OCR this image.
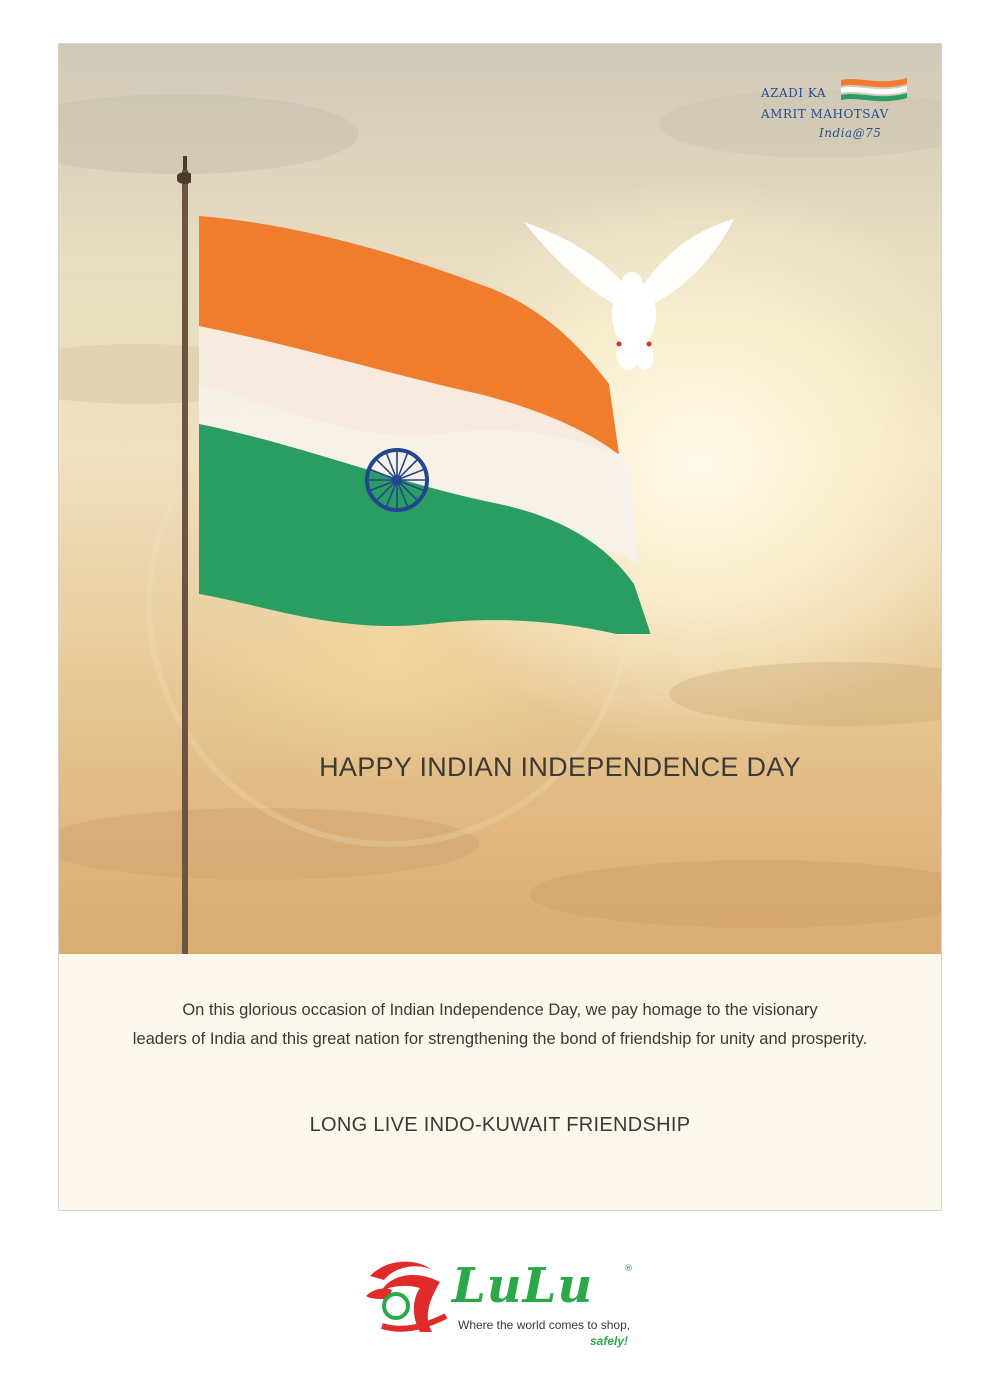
AZADI KA
AMRIT MAHOTSAV
India@75
HAPPY INDIAN INDEPENDENCE DAY
On this glorious occasion of Indian Independence Day, we pay homage to the visionary
leaders of India and this great nation for strengthening the bond of friendship for unity and prosperity.
LONG LIVE INDO-KUWAIT FRIENDSHIP
LuLu	®
Where the world comes to shop,
safely!
